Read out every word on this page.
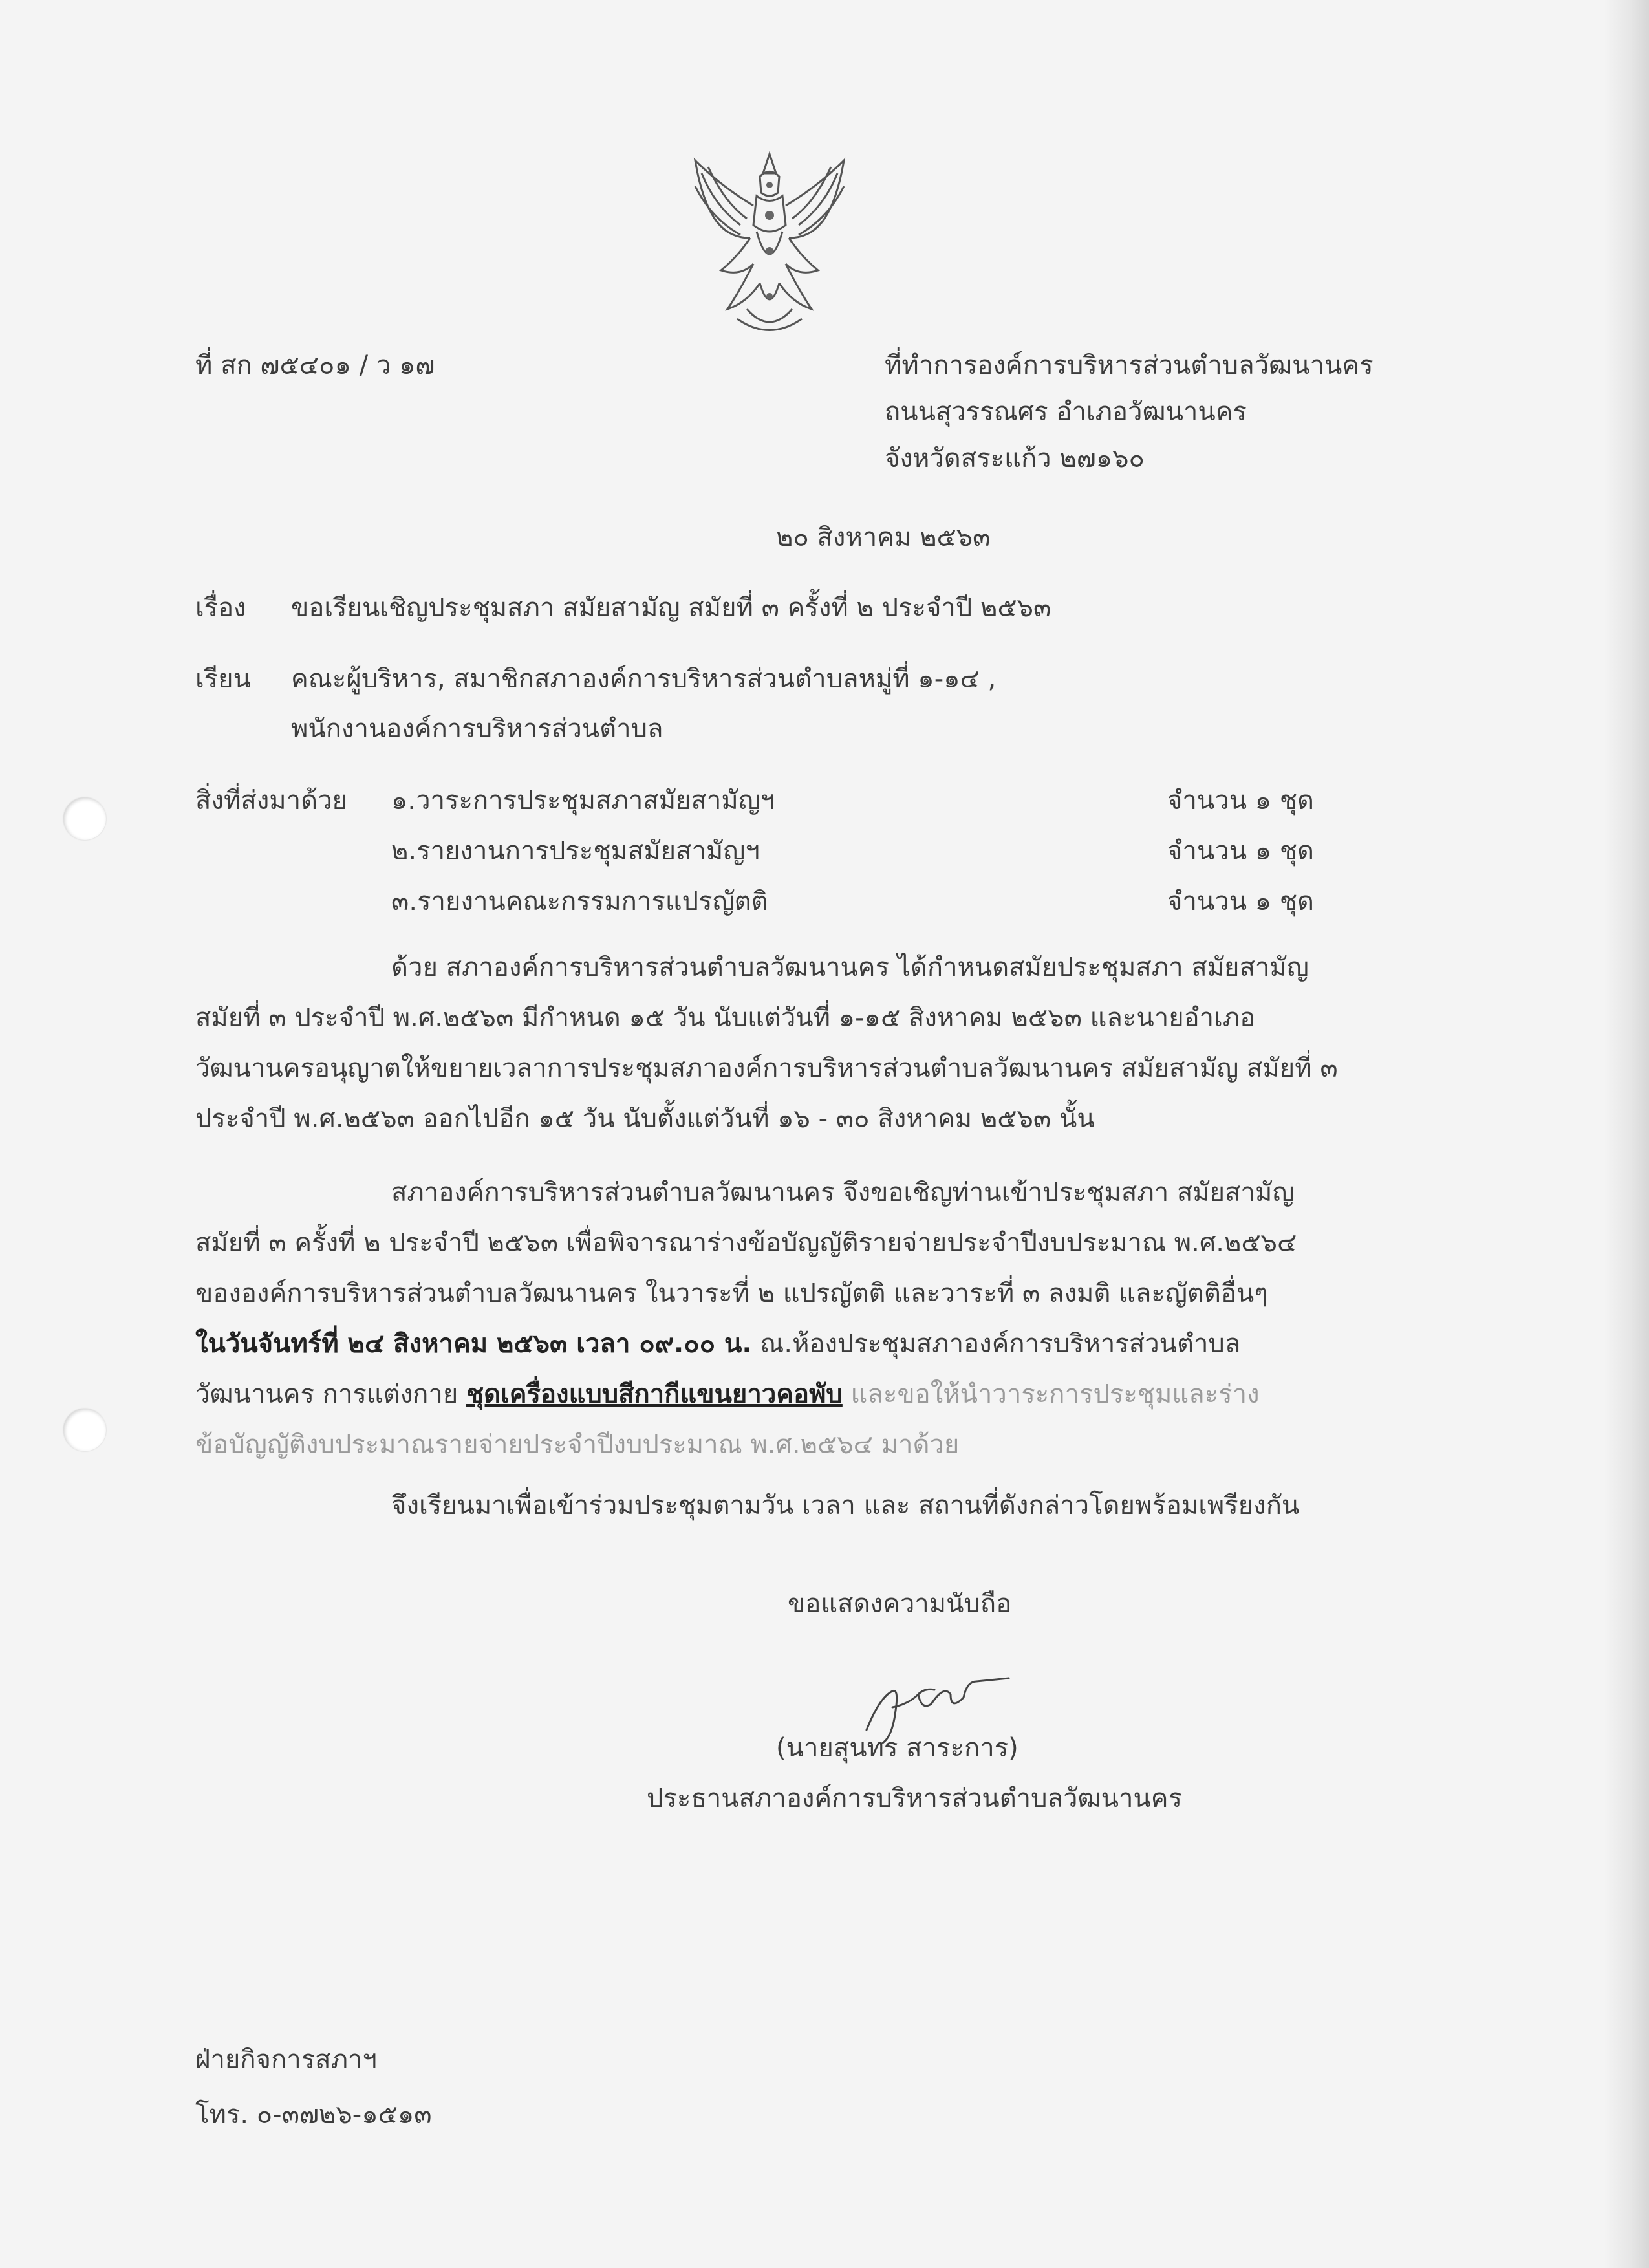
ที่ สก ๗๕๔๐๑ / ว ๑๗	ที่ทำการองค์การบริหารส่วนตำบลวัฒนานคร
ถนนสุวรรณศร อำเภอวัฒนานคร
จังหวัดสระแก้ว ๒๗๑๖๐
๒๐ สิงหาคม ๒๕๖๓
เรื่อง ขอเรียนเชิญประชุมสภา สมัยสามัญ สมัยที่ ๓ ครั้งที่ ๒ ประจำปี ๒๕๖๓
เรียน คณะผู้บริหาร, สมาชิกสภาองค์การบริหารส่วนตำบลหมู่ที่ ๑-๑๔ ,
พนักงานองค์การบริหารส่วนตำบล
สิ่งที่ส่งมาด้วย ๑.วาระการประชุมสภาสมัยสามัญฯ	จำนวน ๑ ชุด
๒.รายงานการประชุมสมัยสามัญฯ	จำนวน ๑ ชุด
๓.รายงานคณะกรรมการแปรญัตติ	จำนวน ๑ ชุด
ด้วย สภาองค์การบริหารส่วนตำบลวัฒนานคร ได้กำหนดสมัยประชุมสภา สมัยสามัญ
สมัยที่ ๓ ประจำปี พ.ศ.๒๕๖๓ มีกำหนด ๑๕ วัน นับแต่วันที่ ๑-๑๕ สิงหาคม ๒๕๖๓ และนายอำเภอ
วัฒนานครอนุญาตให้ขยายเวลาการประชุมสภาองค์การบริหารส่วนตำบลวัฒนานคร สมัยสามัญ สมัยที่ ๓
ประจำปี พ.ศ.๒๕๖๓ ออกไปอีก ๑๕ วัน นับตั้งแต่วันที่ ๑๖ - ๓๐ สิงหาคม ๒๕๖๓ นั้น
สภาองค์การบริหารส่วนตำบลวัฒนานคร จึงขอเชิญท่านเข้าประชุมสภา สมัยสามัญ
สมัยที่ ๓ ครั้งที่ ๒ ประจำปี ๒๕๖๓ เพื่อพิจารณาร่างข้อบัญญัติรายจ่ายประจำปีงบประมาณ พ.ศ.๒๕๖๔
ขององค์การบริหารส่วนตำบลวัฒนานคร ในวาระที่ ๒ แปรญัตติ และวาระที่ ๓ ลงมติ และญัตติอื่นๆ
ในวันจันทร์ที่ ๒๔ สิงหาคม ๒๕๖๓ เวลา ๐๙.๐๐ น. ณ.ห้องประชุมสภาองค์การบริหารส่วนตำบล
วัฒนานคร การแต่งกาย ชุดเครื่องแบบสีกากีแขนยาวคอพับ และขอให้นำวาระการประชุมและร่าง
ข้อบัญญัติงบประมาณรายจ่ายประจำปีงบประมาณ พ.ศ.๒๕๖๔ มาด้วย
จึงเรียนมาเพื่อเข้าร่วมประชุมตามวัน เวลา และ สถานที่ดังกล่าวโดยพร้อมเพรียงกัน
ขอแสดงความนับถือ
(นายสุนทร สาระการ)
ประธานสภาองค์การบริหารส่วนตำบลวัฒนานคร
ฝ่ายกิจการสภาฯ
โทร. ๐-๓๗๒๖-๑๕๑๓
